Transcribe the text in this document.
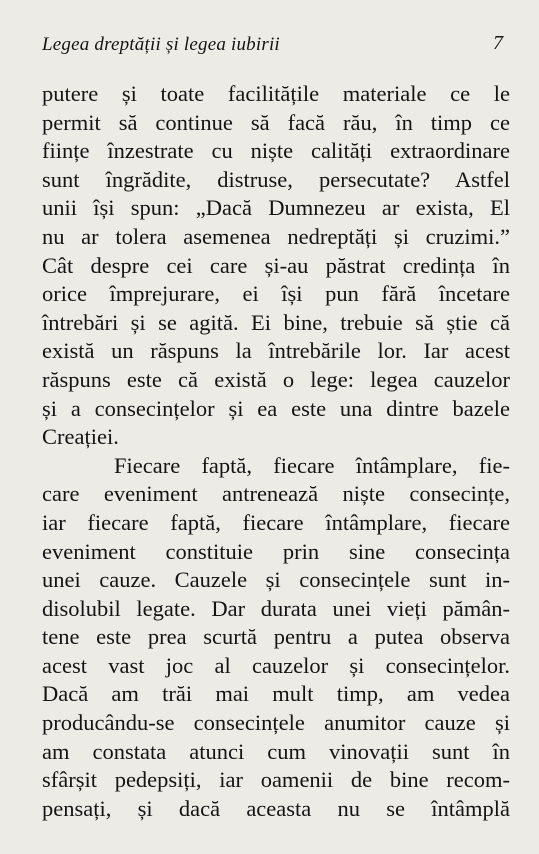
Legea dreptății și legea iubirii	7
putere și toate facilitățile materiale ce le
permit să continue să facă rău, în timp ce
ființe înzestrate cu niște calități extraordinare
sunt îngrădite, distruse, persecutate? Astfel
unii își spun: „Dacă Dumnezeu ar exista, El
nu ar tolera asemenea nedreptăți și cruzimi.”
Cât despre cei care și-au păstrat credința în
orice împrejurare, ei își pun fără încetare
întrebări și se agită. Ei bine, trebuie să știe că
există un răspuns la întrebările lor. Iar acest
răspuns este că există o lege: legea cauzelor
și a consecințelor și ea este una dintre bazele
Creației.
Fiecare faptă, fiecare întâmplare, fie-
care eveniment antrenează niște consecințe,
iar fiecare faptă, fiecare întâmplare, fiecare
eveniment constituie prin sine consecința
unei cauze. Cauzele și consecințele sunt in-
disolubil legate. Dar durata unei vieți pămân-
tene este prea scurtă pentru a putea observa
acest vast joc al cauzelor și consecințelor.
Dacă am trăi mai mult timp, am vedea
producându-se consecințele anumitor cauze și
am constata atunci cum vinovații sunt în
sfârșit pedepsiți, iar oamenii de bine recom-
pensați, și dacă aceasta nu se întâmplă
